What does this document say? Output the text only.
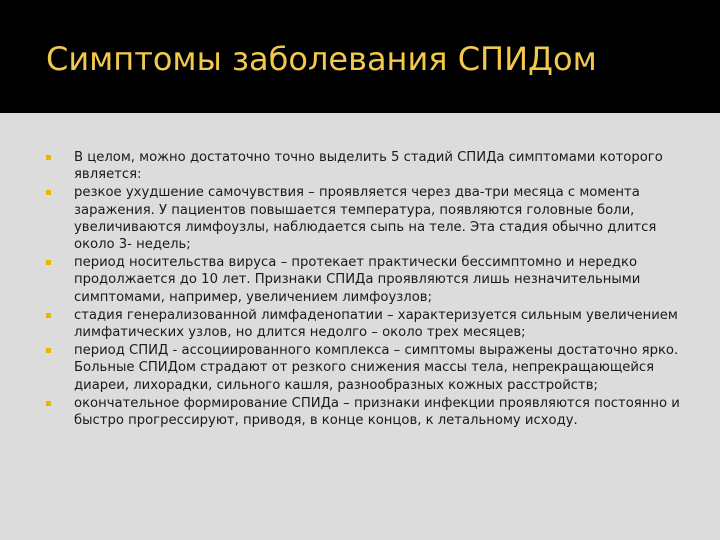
Симптомы заболевания СПИДом
В целом, можно достаточно точно выделить 5 стадий СПИДа симптомами которого является:
резкое ухудшение самочувствия – проявляется через два-три месяца с момента заражения. У пациентов повышается температура, появляются головные боли, увеличиваются лимфоузлы, наблюдается сыпь на теле. Эта стадия обычно длится около 3- недель;
период носительства вируса – протекает практически бессимптомно и нередко продолжается до 10 лет. Признаки СПИДа проявляются лишь незначительными симптомами, например, увеличением лимфоузлов;
стадия генерализованной лимфаденопатии – характеризуется сильным увеличением лимфатических узлов, но длится недолго – около трех месяцев;
период СПИД - ассоциированного комплекса – симптомы выражены достаточно ярко. Больные СПИДом страдают от резкого снижения массы тела, непрекращающейся диареи, лихорадки, сильного кашля, разнообразных кожных расстройств;
окончательное формирование СПИДа – признаки инфекции проявляются постоянно и быстро прогрессируют, приводя, в конце концов, к летальному исходу.
